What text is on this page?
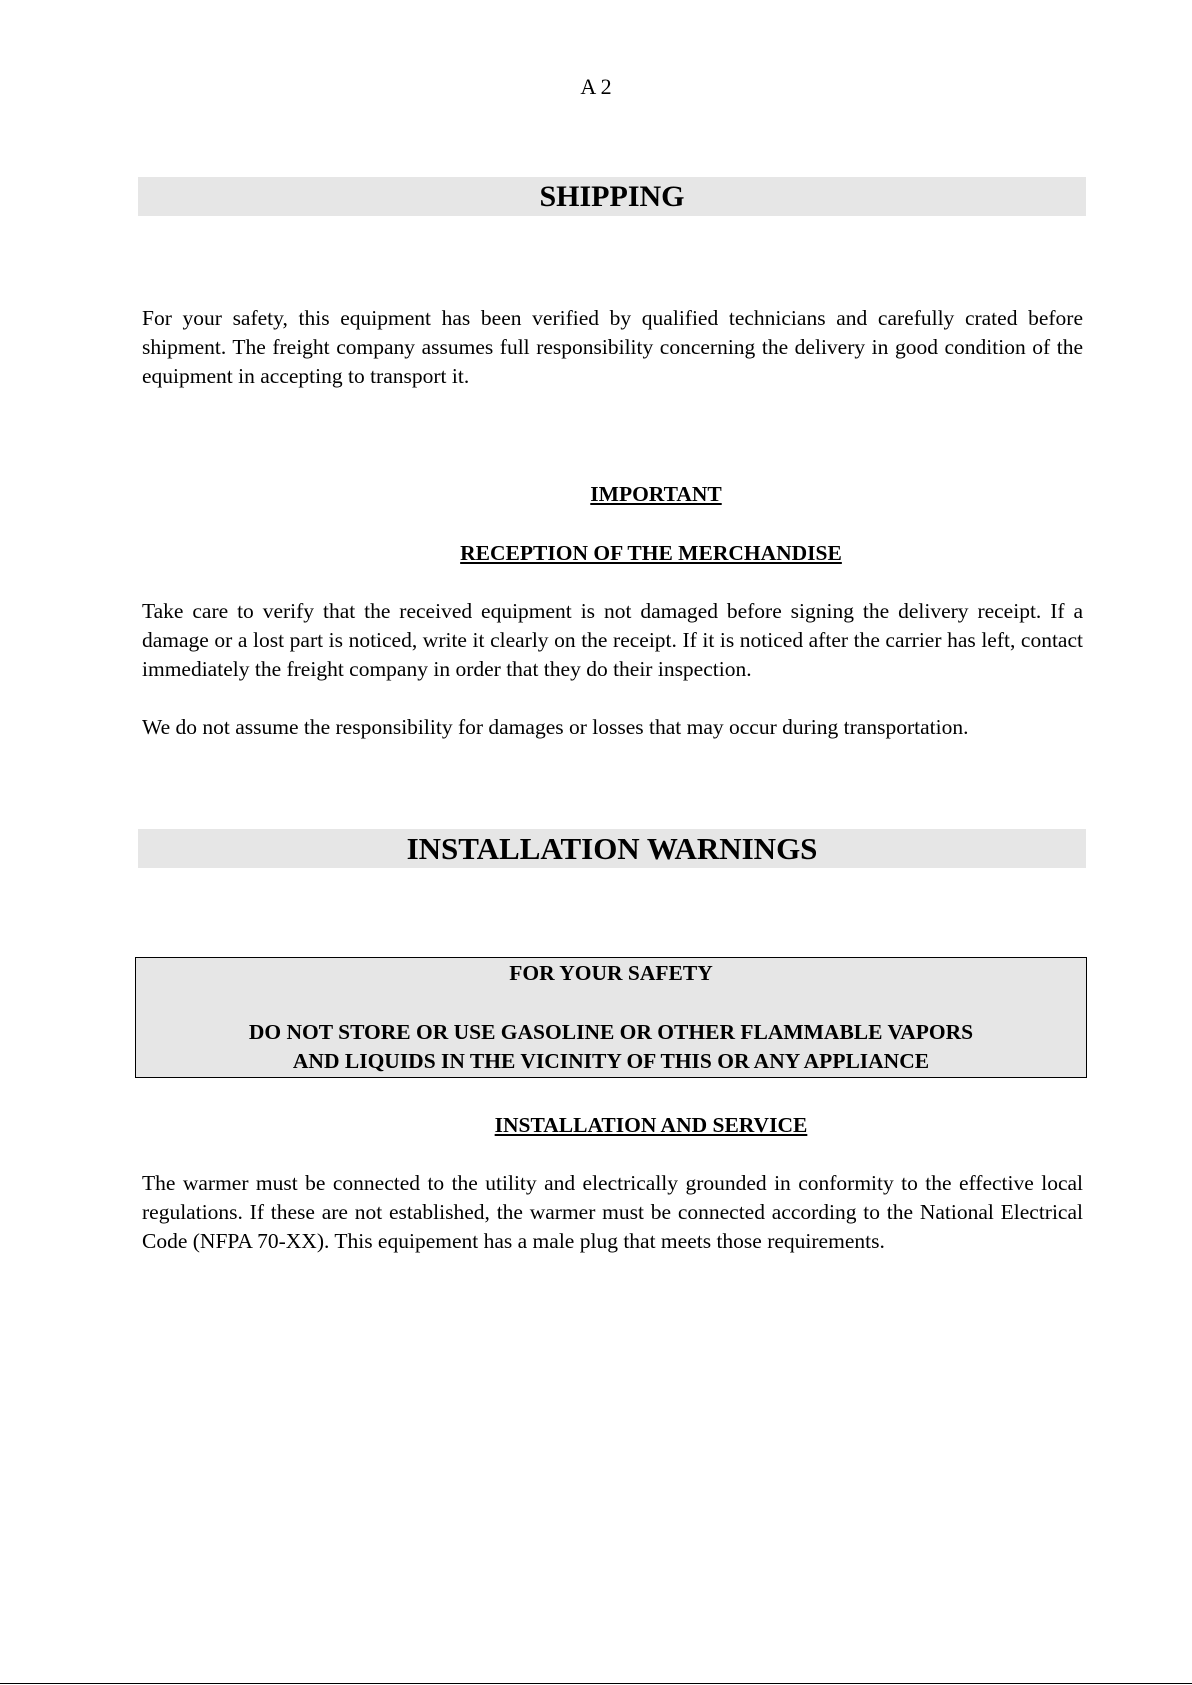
A 2
SHIPPING

For your safety, this equipment has been verified by qualified technicians and carefully crated before shipment. The freight company assumes full responsibility concerning the delivery in good condition of the equipment in accepting to transport it.

IMPORTANT
RECEPTION OF THE MERCHANDISE

Take care to verify that the received equipment is not damaged before signing the delivery receipt. If a damage or a lost part is noticed, write it clearly on the receipt. If it is noticed after the carrier has left, contact immediately the freight company in order that they do their inspection.

We do not assume the responsibility for damages or losses that may occur during transportation.

INSTALLATION WARNINGS
FOR YOUR SAFETY
DO NOT STORE OR USE GASOLINE OR OTHER FLAMMABLE VAPORS
AND LIQUIDS IN THE VICINITY OF THIS OR ANY APPLIANCE
INSTALLATION AND SERVICE

The warmer must be connected to the utility and electrically grounded in conformity to the effective local regulations. If these are not established, the warmer must be connected according to the National Electrical Code (NFPA 70-XX). This equipement has a male plug that meets those requirements.
